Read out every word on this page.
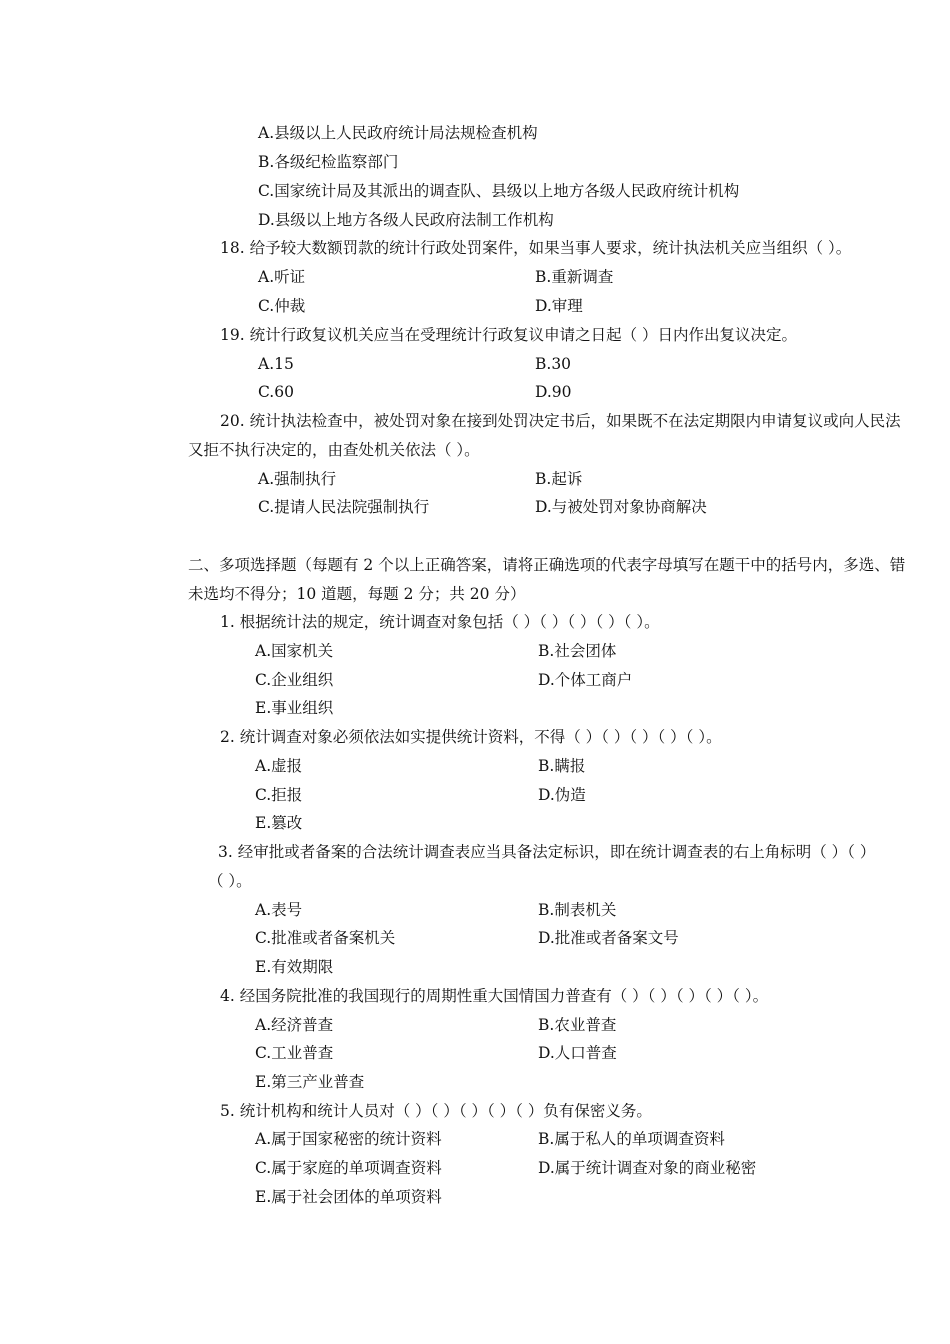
A.县级以上人民政府统计局法规检查机构
B.各级纪检监察部门
C.国家统计局及其派出的调查队、县级以上地方各级人民政府统计机构
D.县级以上地方各级人民政府法制工作机构
18. 给予较大数额罚款的统计行政处罚案件，如果当事人要求，统计执法机关应当组织（ ）。
A.听证	B.重新调查
C.仲裁	D.审理
19. 统计行政复议机关应当在受理统计行政复议申请之日起（ ）日内作出复议决定。
A.15	B.30
C.60	D.90
20. 统计执法检查中，被处罚对象在接到处罚决定书后，如果既不在法定期限内申请复议或向人民法
又拒不执行决定的，由查处机关依法（ ）。
A.强制执行	B.起诉
C.提请人民法院强制执行	D.与被处罚对象协商解决
二、多项选择题（每题有 2 个以上正确答案，请将正确选项的代表字母填写在题干中的括号内，多选、错
未选均不得分；10 道题，每题 2 分；共 20 分）
1. 根据统计法的规定，统计调查对象包括（ ）（ ）（ ）（ ）（ ）。
A.国家机关	B.社会团体
C.企业组织	D.个体工商户
E.事业组织
2. 统计调查对象必须依法如实提供统计资料，不得（ ）（ ）（ ）（ ）（ ）。
A.虚报	B.瞒报
C.拒报	D.伪造
E.篡改
3. 经审批或者备案的合法统计调查表应当具备法定标识，即在统计调查表的右上角标明（ ）（ ）
（ ）。
A.表号	B.制表机关
C.批准或者备案机关	D.批准或者备案文号
E.有效期限
4. 经国务院批准的我国现行的周期性重大国情国力普查有（ ）（ ）（ ）（ ）（ ）。
A.经济普查	B.农业普查
C.工业普查	D.人口普查
E.第三产业普查
5. 统计机构和统计人员对（ ）（ ）（ ）（ ）（ ）负有保密义务。
A.属于国家秘密的统计资料	B.属于私人的单项调查资料
C.属于家庭的单项调查资料	D.属于统计调查对象的商业秘密
E.属于社会团体的单项资料
